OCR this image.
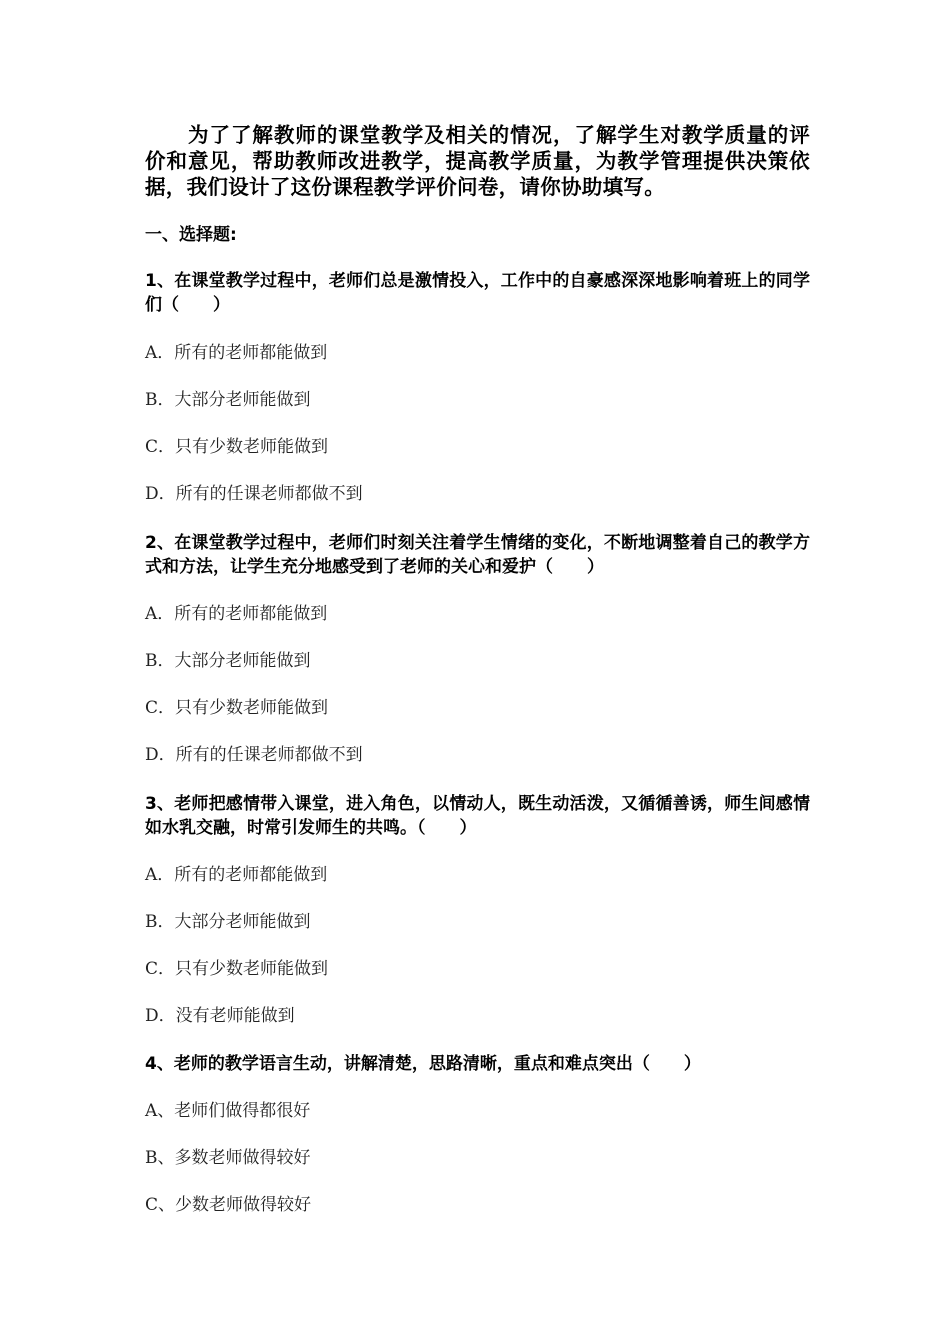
为了了解教师的课堂教学及相关的情况，了解学生对教学质量的评价和意见，帮助教师改进教学，提高教学质量，为教学管理提供决策依据，我们设计了这份课程教学评价问卷，请你协助填写。

一、选择题:
1、在课堂教学过程中，老师们总是激情投入，工作中的自豪感深深地影响着班上的同学们（　　）
A．所有的老师都能做到
B．大部分老师能做到
C．只有少数老师能做到
D．所有的任课老师都做不到
2、在课堂教学过程中，老师们时刻关注着学生情绪的变化，不断地调整着自己的教学方式和方法，让学生充分地感受到了老师的关心和爱护（　　）
A．所有的老师都能做到
B．大部分老师能做到
C．只有少数老师能做到
D．所有的任课老师都做不到
3、老师把感情带入课堂，进入角色，以情动人，既生动活泼，又循循善诱，师生间感情如水乳交融，时常引发师生的共鸣。（　　）
A．所有的老师都能做到
B．大部分老师能做到
C．只有少数老师能做到
D．没有老师能做到
4、老师的教学语言生动，讲解清楚，思路清晰，重点和难点突出（　　）
A、老师们做得都很好
B、多数老师做得较好
C、少数老师做得较好
